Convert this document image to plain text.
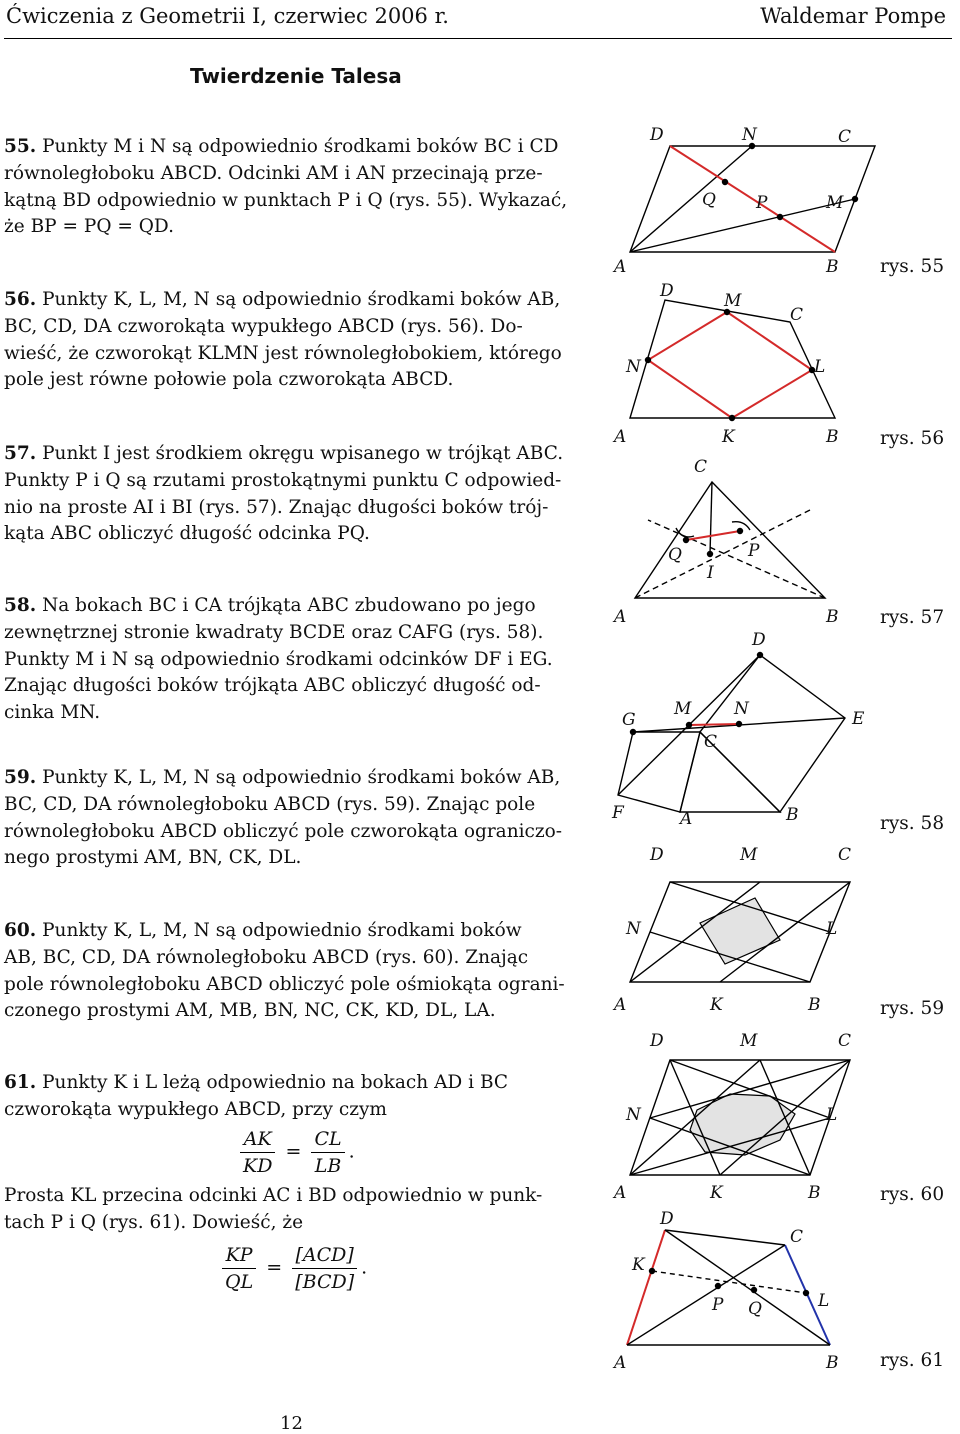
Ćwiczenia z Geometrii I, czerwiec 2006 r.	Waldemar Pompe
Twierdzenie Talesa
55. Punkty M i N są odpowiednio środkami boków BC i CD
równoległoboku ABCD. Odcinki AM i AN przecinają prze-
kątną BD odpowiednio w punktach P i Q (rys. 55). Wykazać,
że BP = PQ = QD.
56. Punkty K, L, M, N są odpowiednio środkami boków AB,
BC, CD, DA czworokąta wypukłego ABCD (rys. 56). Do-
wieść, że czworokąt KLMN jest równoległobokiem, którego
pole jest równe połowie pola czworokąta ABCD.
57. Punkt I jest środkiem okręgu wpisanego w trójkąt ABC.
Punkty P i Q są rzutami prostokątnymi punktu C odpowied-
nio na proste AI i BI (rys. 57). Znając długości boków trój-
kąta ABC obliczyć długość odcinka PQ.
58. Na bokach BC i CA trójkąta ABC zbudowano po jego
zewnętrznej stronie kwadraty BCDE oraz CAFG (rys. 58).
Punkty M i N są odpowiednio środkami odcinków DF i EG.
Znając długości boków trójkąta ABC obliczyć długość od-
cinka MN.
59. Punkty K, L, M, N są odpowiednio środkami boków AB,
BC, CD, DA równoległoboku ABCD (rys. 59). Znając pole
równoległoboku ABCD obliczyć pole czworokąta ograniczo-
nego prostymi AM, BN, CK, DL.
60. Punkty K, L, M, N są odpowiednio środkami boków
AB, BC, CD, DA równoległoboku ABCD (rys. 60). Znając
pole równoległoboku ABCD obliczyć pole ośmiokąta ograni-
czonego prostymi AM, MB, BN, NC, CK, KD, DL, LA.
61. Punkty K i L leżą odpowiednio na bokach AD i BC
czworokąta wypukłego ABCD, przy czym
$\frac{AK}{KD} = \frac{CL}{LB}$ .
Prosta KL przecina odcinki AC i BD odpowiednio w punk-
tach P i Q (rys. 61). Dowieść, że
$\frac{KP}{QL} = \frac{\text{[ACD]}}{\text{[BCD]}}$ .
D	N	C
Q P	M
A	B
D	M
C
N	L
A	K	B
C
Q	P
I
A	B
D
G
M	N	E
C
F	A	B
D	M	C
N	L
A	K	B
D	M	C
N	L
A	K	B
D
C
K
P Q	L
A	B
rys. 55
rys. 56
rys. 57
rys. 58
rys. 59
rys. 60
rys. 61
12
